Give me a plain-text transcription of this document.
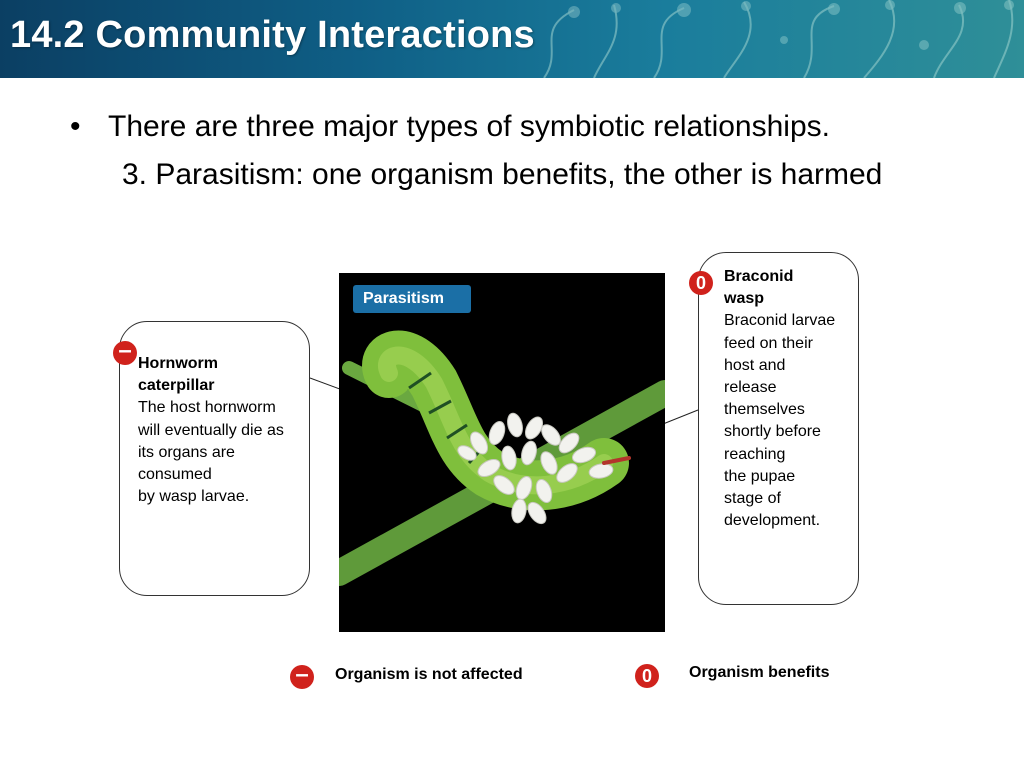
14.2 Community Interactions
• There are three major types of symbiotic relationships.
3. Parasitism: one organism benefits, the other is harmed
Parasitism
– Hornworm
caterpillar
The host hornworm
will eventually die as
its organs are
consumed
by wasp larvae.
0	Braconid
wasp
Braconid larvae
feed on their
host and
release
themselves
shortly before
reaching
the pupae
stage of
development.
–	Organism is not affected	0	Organism benefits
